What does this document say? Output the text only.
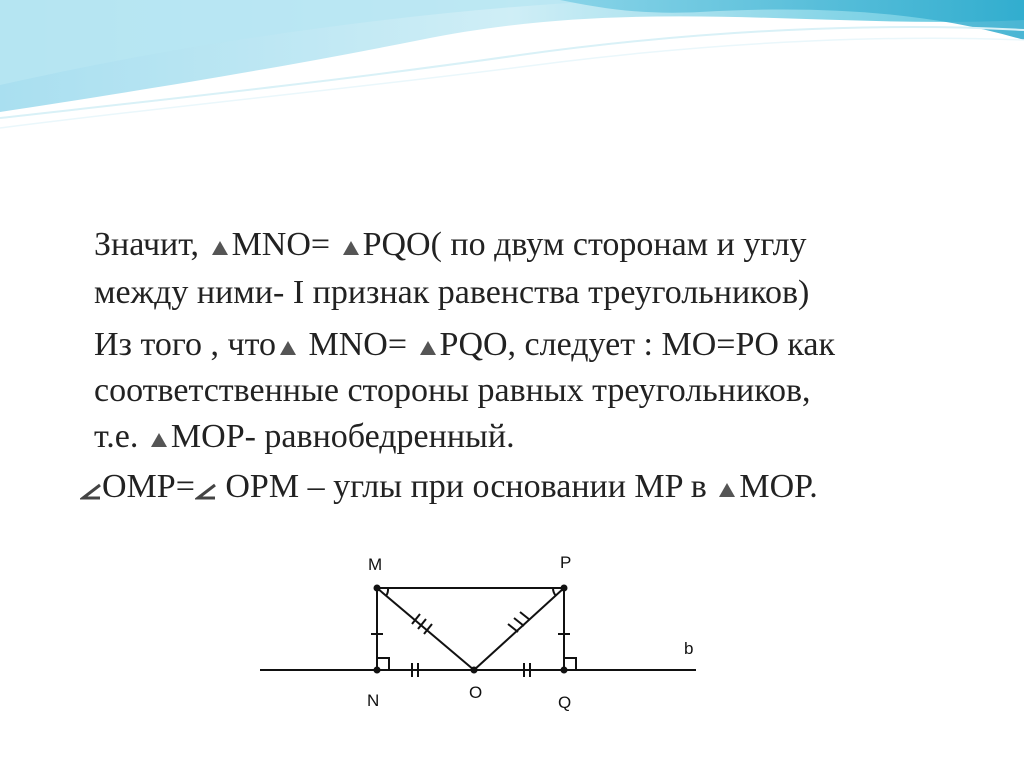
Значит, MNO= PQO( по двум сторонам и углу
между ними- I признак равенства треугольников)
Из того , что MNO= PQO, следует : MO=PO как
соответственные стороны равных треугольников,
т.е. MOP- равнобедренный.
OMP= OPM – углы при основании MP в MOP.
M	P
N	O
Q
b
